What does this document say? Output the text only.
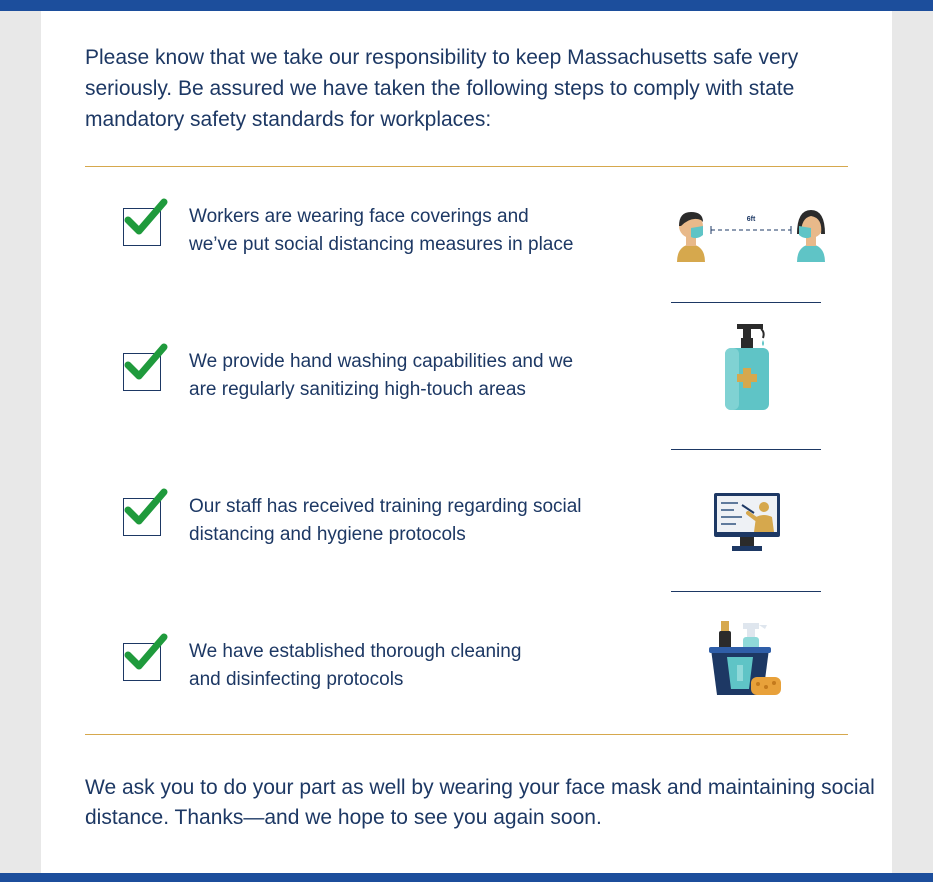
Please know that we take our responsibility to keep Massachusetts safe very seriously. Be assured we have taken the following steps to comply with state mandatory safety standards for workplaces:

Workers are wearing face coverings and
we’ve put social distancing measures in place
6ft
We provide hand washing capabilities and we
are regularly sanitizing high-touch areas
Our staff has received training regarding social
distancing and hygiene protocols
We have established thorough cleaning
and disinfecting protocols

We ask you to do your part as well by wearing your face mask and maintaining social distance. Thanks—and we hope to see you again soon.
